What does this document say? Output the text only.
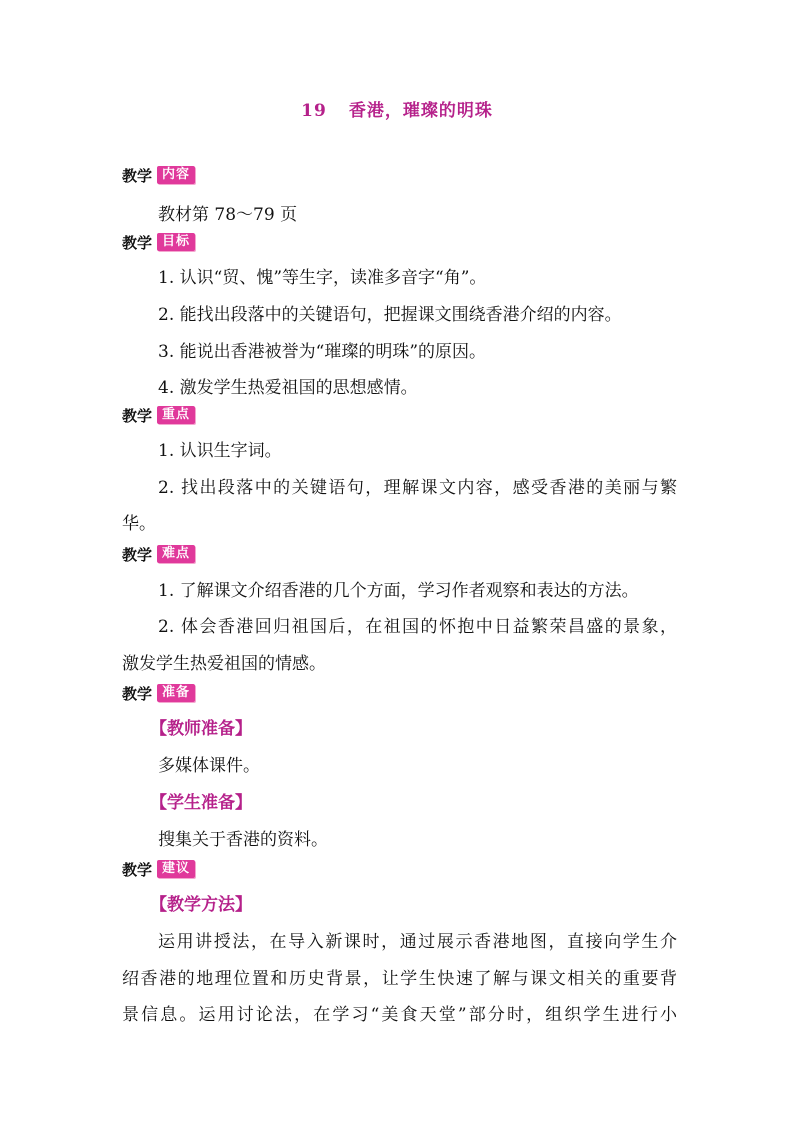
19 香港，璀璨的明珠
教学 内容
教材第 78～79 页
教学 目标
1. 认识“贸、愧”等生字，读准多音字“角”。
2. 能找出段落中的关键语句，把握课文围绕香港介绍的内容。
3. 能说出香港被誉为“璀璨的明珠”的原因。
4. 激发学生热爱祖国的思想感情。
教学 重点
1. 认识生字词。
2. 找出段落中的关键语句，理解课文内容，感受香港的美丽与繁
华。
教学 难点
1. 了解课文介绍香港的几个方面，学习作者观察和表达的方法。
2. 体会香港回归祖国后，在祖国的怀抱中日益繁荣昌盛的景象，
激发学生热爱祖国的情感。
教学 准备
【教师准备】
多媒体课件。
【学生准备】
搜集关于香港的资料。
教学 建议
【教学方法】
运用讲授法，在导入新课时，通过展示香港地图，直接向学生介
绍香港的地理位置和历史背景，让学生快速了解与课文相关的重要背
景信息。运用讨论法，在学习“美食天堂”部分时，组织学生进行小
